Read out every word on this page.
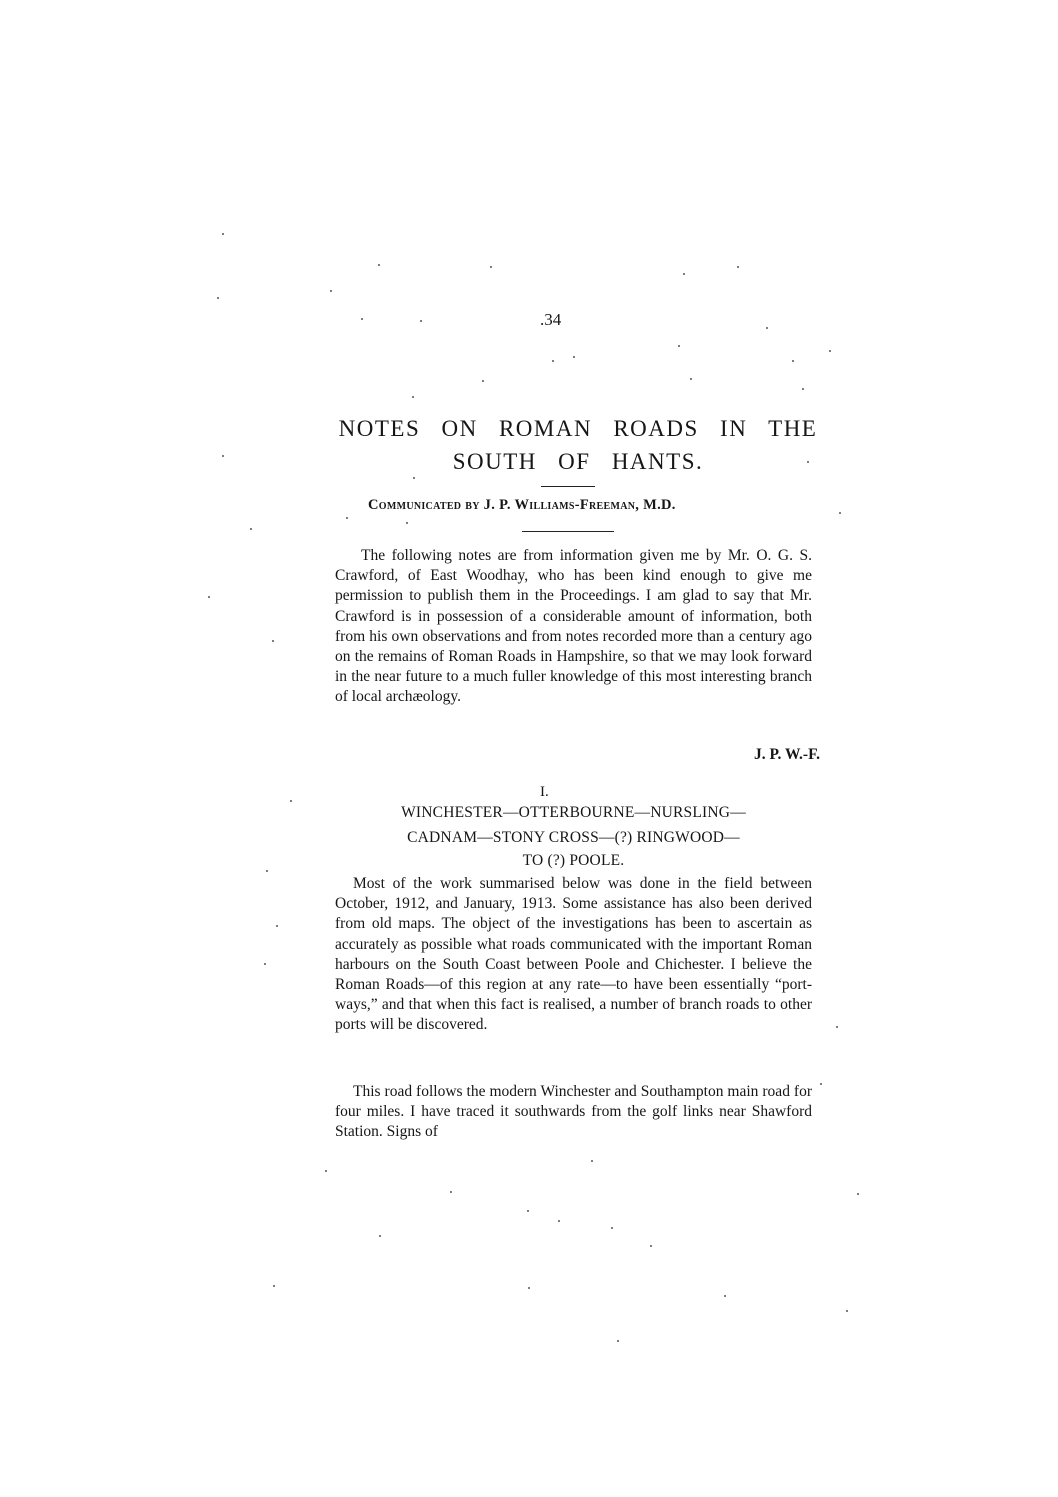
.34
NOTES ON ROMAN ROADS IN THE
SOUTH OF HANTS.
Communicated by J. P. Williams-Freeman, M.D.

The following notes are from information given me by Mr. O. G. S. Crawford, of East Woodhay, who has been kind enough to give me permission to publish them in the Proceedings. I am glad to say that Mr. Crawford is in possession of a considerable amount of information, both from his own observations and from notes recorded more than a century ago on the remains of Roman Roads in Hampshire, so that we may look forward in the near future to a much fuller knowledge of this most interesting branch of local archæology.

J. P. W.-F.
I.
WINCHESTER—OTTERBOURNE—NURSLING—
CADNAM—STONY CROSS—(?) RINGWOOD—
TO (?) POOLE.

Most of the work summarised below was done in the field between October, 1912, and January, 1913. Some assistance has also been derived from old maps. The object of the investigations has been to ascertain as accurately as possible what roads communicated with the important Roman harbours on the South Coast between Poole and Chichester. I believe the Roman Roads—of this region at any rate—to have been essentially “port-ways,” and that when this fact is realised, a number of branch roads to other ports will be discovered.

This road follows the modern Winchester and Southampton main road for four miles. I have traced it southwards from the golf links near Shawford Station. Signs of
